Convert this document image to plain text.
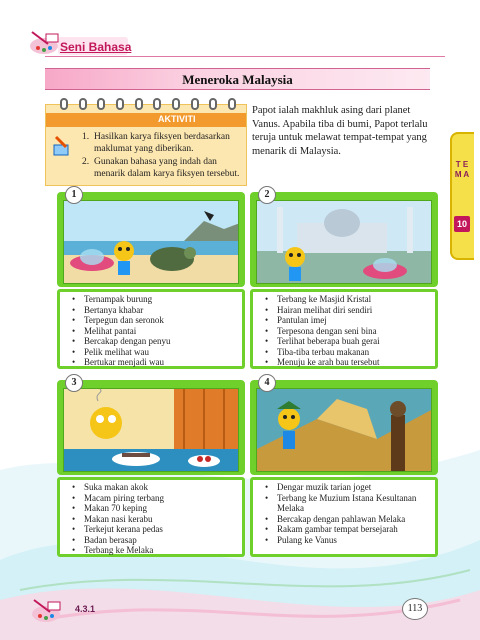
Seni Bahasa
Meneroka Malaysia
AKTIVITI
1. Hasilkan karya fiksyen berdasarkan maklumat yang diberikan.
2. Gunakan bahasa yang indah dan menarik dalam karya fiksyen tersebut.

Papot ialah makhluk asing dari planet Vanus. Apabila tiba di bumi, Papot terlalu teruja untuk melawat tempat-tempat yang menarik di Malaysia.

T E M A
10
1
• Ternampak burung
• Bertanya khabar
• Terpegun dan seronok
• Melihat pantai
• Bercakap dengan penyu
• Pelik melihat wau
• Bertukar menjadi wau
2
• Terbang ke Masjid Kristal
• Hairan melihat diri sendiri
• Pantulan imej
• Terpesona dengan seni bina
• Terlihat beberapa buah gerai
• Tiba-tiba terbau makanan
• Menuju ke arah bau tersebut
3
• Suka makan akok
• Macam piring terbang
• Makan 70 keping
• Makan nasi kerabu
• Terkejut kerana pedas
• Badan berasap
• Terbang ke Melaka
4
• Dengar muzik tarian joget
• Terbang ke Muzium Istana Kesultanan Melaka
• Bercakap dengan pahlawan Melaka
• Rakam gambar tempat bersejarah
• Pulang ke Vanus
4.3.1	113
